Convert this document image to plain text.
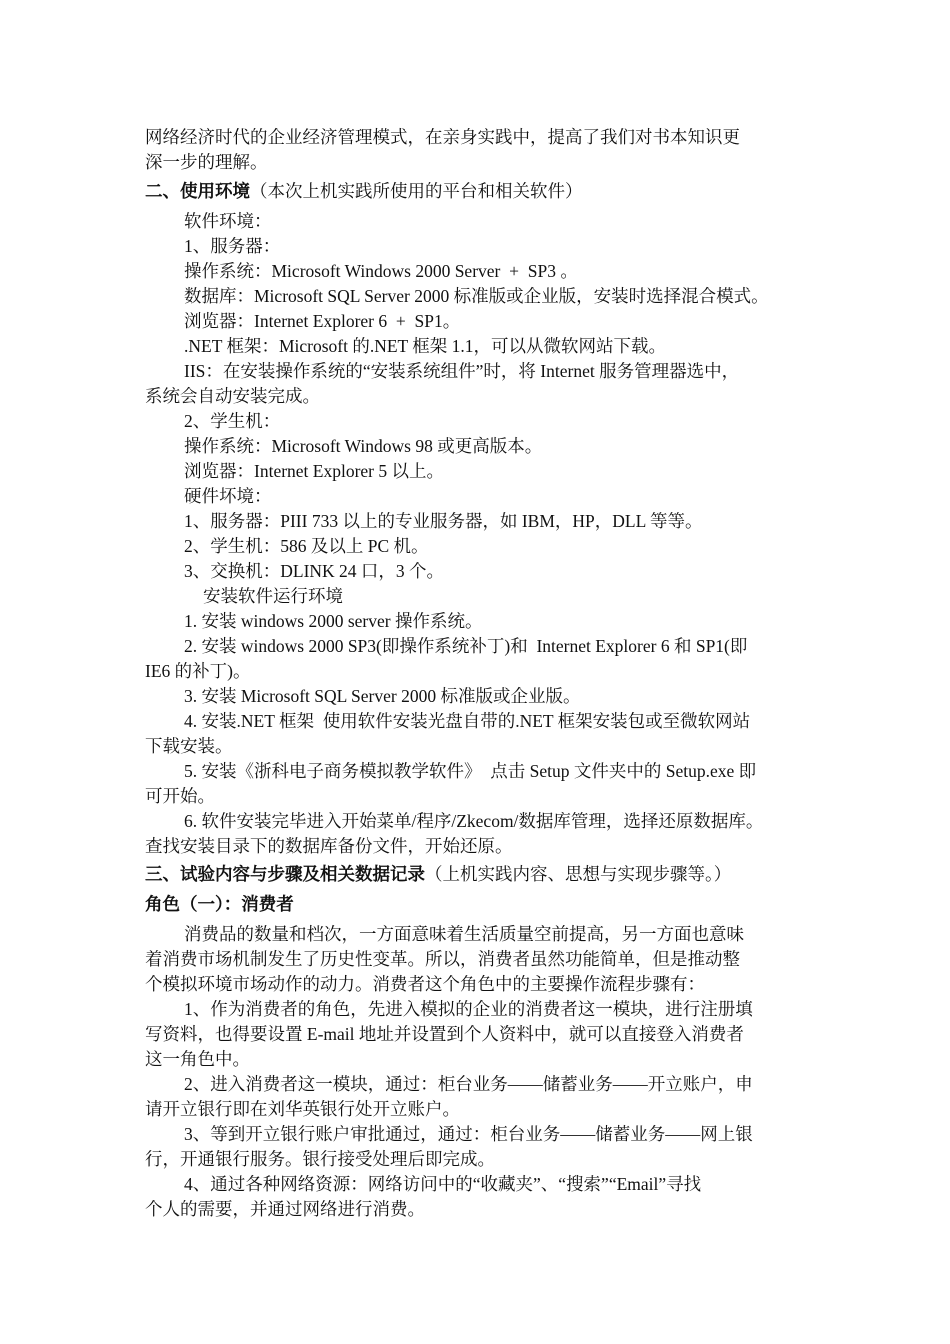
网络经济时代的企业经济管理模式，在亲身实践中，提高了我们对书本知识更
深一步的理解。
二、使用环境（本次上机实践所使用的平台和相关软件）
软件环境：
1、服务器：
操作系统：Microsoft Windows 2000 Server  +  SP3 。
数据库：Microsoft SQL Server 2000 标准版或企业版，安装时选择混合模式。
浏览器：Internet Explorer 6  +  SP1。
.NET 框架：Microsoft 的.NET 框架 1.1，可以从微软网站下载。
IIS：在安装操作系统的“安装系统组件”时，将 Internet 服务管理器选中，
系统会自动安装完成。
2、学生机：
操作系统：Microsoft Windows 98 或更高版本。
浏览器：Internet Explorer 5 以上。
硬件坏境：
1、服务器：PIII 733 以上的专业服务器，如 IBM，HP，DLL 等等。
2、学生机：586 及以上 PC 机。
3、交换机：DLINK 24 口，3 个。
安装软件运行环境
1. 安装 windows 2000 server 操作系统。
2. 安装 windows 2000 SP3(即操作系统补丁)和  Internet Explorer 6 和 SP1(即
IE6 的补丁)。
3. 安装 Microsoft SQL Server 2000 标准版或企业版。
4. 安装.NET 框架  使用软件安装光盘自带的.NET 框架安装包或至微软网站
下载安装。
5. 安装《浙科电子商务模拟教学软件》  点击 Setup 文件夹中的 Setup.exe 即
可开始。
6. 软件安装完毕进入开始菜单/程序/Zkecom/数据库管理，选择还原数据库。
查找安装目录下的数据库备份文件，开始还原。
三、试验内容与步骤及相关数据记录（上机实践内容、思想与实现步骤等。）
角色（一）：消费者
消费品的数量和档次，一方面意味着生活质量空前提高，另一方面也意味
着消费市场机制发生了历史性变革。所以，消费者虽然功能简单，但是推动整
个模拟环境市场动作的动力。消费者这个角色中的主要操作流程步骤有：
1、作为消费者的角色，先进入模拟的企业的消费者这一模块，进行注册填
写资料，也得要设置 E-mail 地址并设置到个人资料中，就可以直接登入消费者
这一角色中。
2、进入消费者这一模块，通过：柜台业务——储蓄业务——开立账户，申
请开立银行即在刘华英银行处开立账户。
3、等到开立银行账户审批通过，通过：柜台业务——储蓄业务——网上银
行，开通银行服务。银行接受处理后即完成。
4、通过各种网络资源：网络访问中的“收藏夹”、“搜索”“Email”寻找
个人的需要，并通过网络进行消费。
